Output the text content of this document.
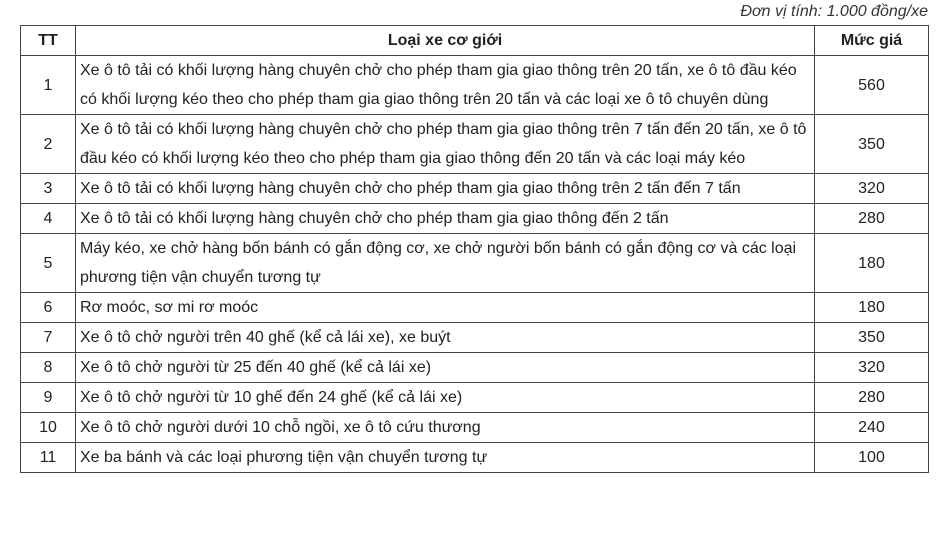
Đơn vị tính: 1.000 đồng/xe
TT	Loại xe cơ giới	Mức giá
1	Xe ô tô tải có khối lượng hàng chuyên chở cho phép tham gia giao thông trên 20 tấn, xe ô tô đầu kéo có khối lượng kéo theo cho phép tham gia giao thông trên 20 tấn và các loại xe ô tô chuyên dùng	560
2	Xe ô tô tải có khối lượng hàng chuyên chở cho phép tham gia giao thông trên 7 tấn đến 20 tấn, xe ô tô đầu kéo có khối lượng kéo theo cho phép tham gia giao thông đến 20 tấn và các loại máy kéo	350
3	Xe ô tô tải có khối lượng hàng chuyên chở cho phép tham gia giao thông trên 2 tấn đến 7 tấn	320
4	Xe ô tô tải có khối lượng hàng chuyên chở cho phép tham gia giao thông đến 2 tấn	280
5	Máy kéo, xe chở hàng bốn bánh có gắn động cơ, xe chở người bốn bánh có gắn động cơ và các loại phương tiện vận chuyển tương tự	180
6	Rơ moóc, sơ mi rơ moóc	180
7	Xe ô tô chở người trên 40 ghế (kể cả lái xe), xe buýt	350
8	Xe ô tô chở người từ 25 đến 40 ghế (kể cả lái xe)	320
9	Xe ô tô chở người từ 10 ghế đến 24 ghế (kể cả lái xe)	280
10	Xe ô tô chở người dưới 10 chỗ ngồi, xe ô tô cứu thương	240
11	Xe ba bánh và các loại phương tiện vận chuyển tương tự	100
